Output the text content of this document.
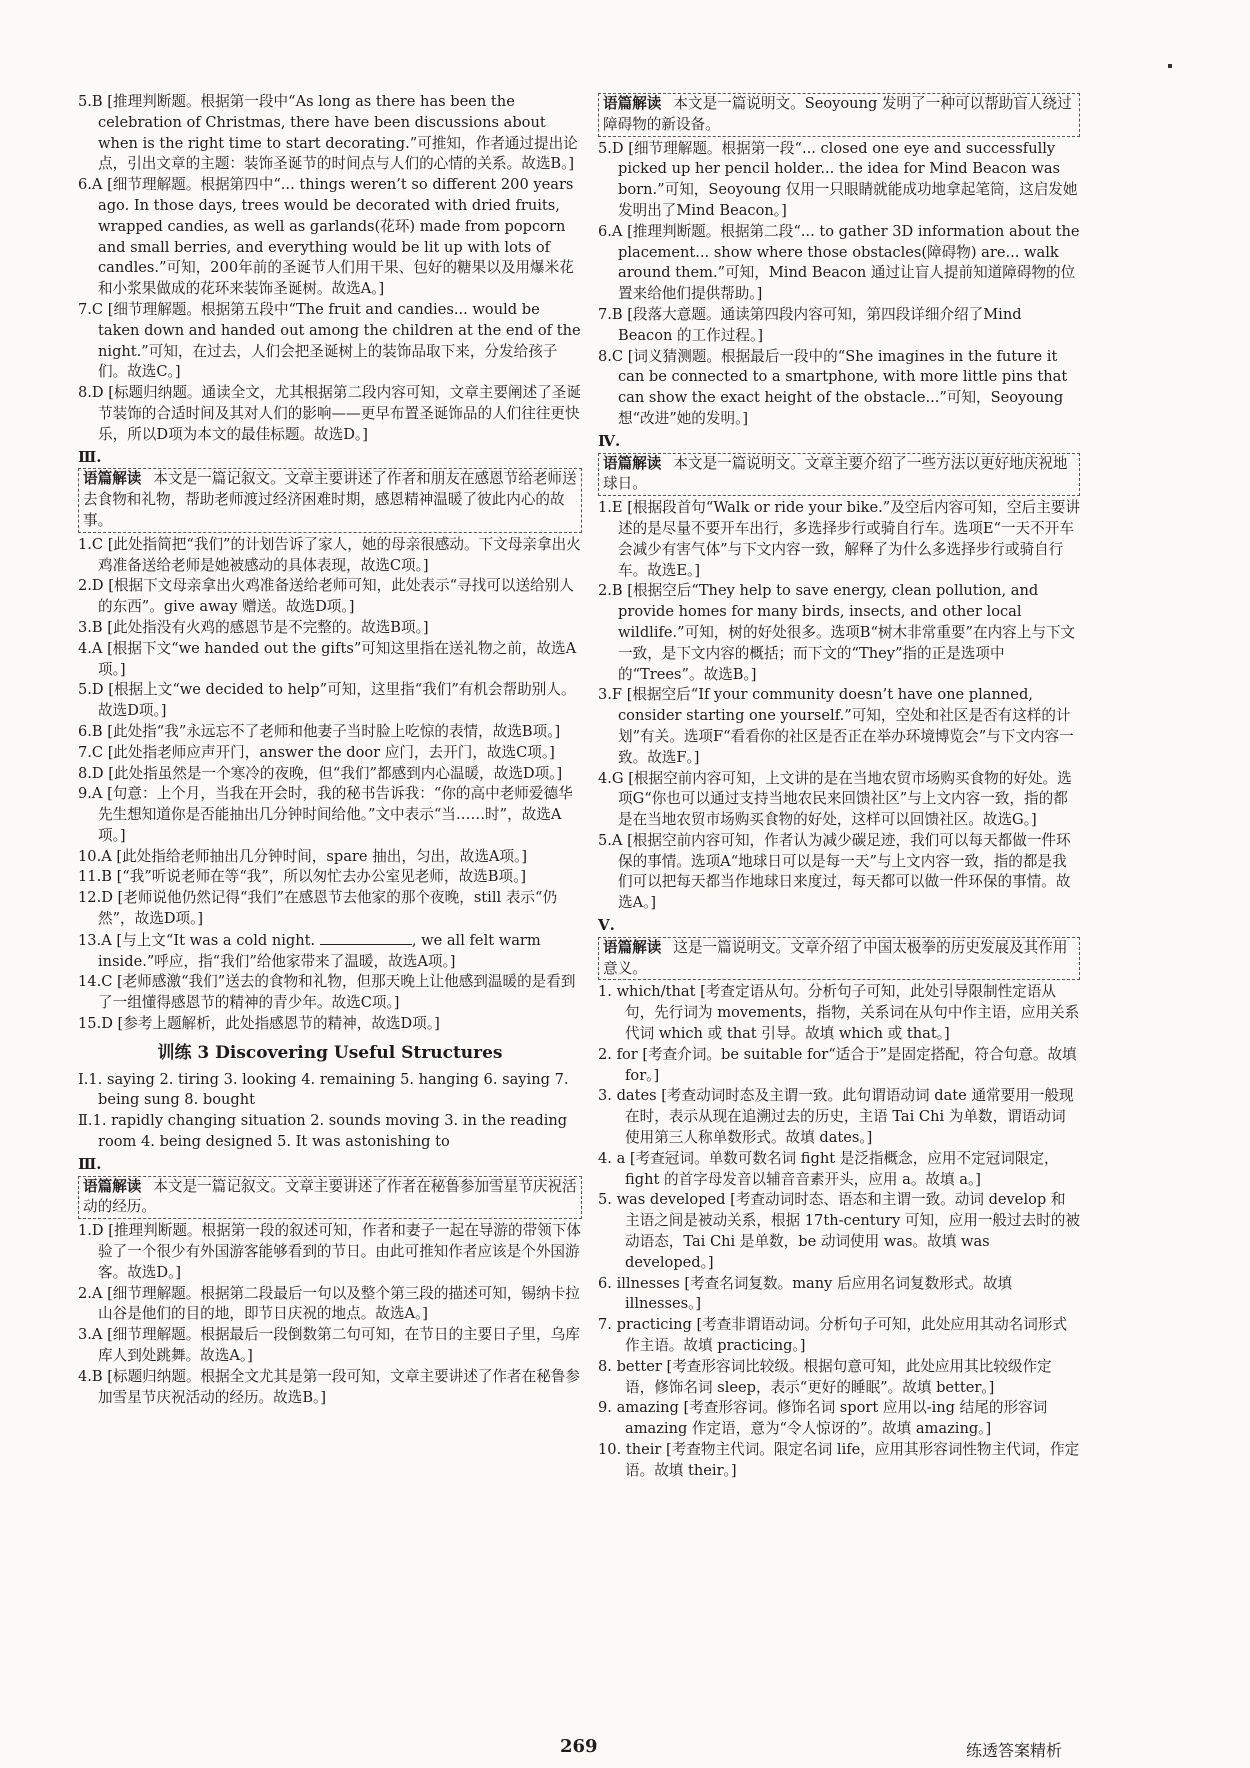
5.B [推理判断题。根据第一段中“As long as there has been the celebration of Christmas, there have been discussions about when is the right time to start decorating.”可推知，作者通过提出论点，引出文章的主题：装饰圣诞节的时间点与人们的心情的关系。故选B。]

6.A [细节理解题。根据第四中“... things weren’t so different 200 years ago. In those days, trees would be decorated with dried fruits, wrapped candies, as well as garlands(花环) made from popcorn and small berries, and everything would be lit up with lots of candles.”可知，200年前的圣诞节人们用干果、包好的糖果以及用爆米花和小浆果做成的花环来装饰圣诞树。故选A。]

7.C [细节理解题。根据第五段中“The fruit and candies... would be taken down and handed out among the children at the end of the night.”可知，在过去，人们会把圣诞树上的装饰品取下来，分发给孩子们。故选C。]

8.D [标题归纳题。通读全文，尤其根据第二段内容可知，文章主要阐述了圣诞节装饰的合适时间及其对人们的影响——更早布置圣诞饰品的人们往往更快乐，所以D项为本文的最佳标题。故选D。]

Ⅲ.
语篇解读 本文是一篇记叙文。文章主要讲述了作者和朋友在感恩节给老师送去食物和礼物，帮助老师渡过经济困难时期，感恩精神温暖了彼此内心的故事。

1.C [此处指简把“我们”的计划告诉了家人，她的母亲很感动。下文母亲拿出火鸡准备送给老师是她被感动的具体表现，故选C项。]

2.D [根据下文母亲拿出火鸡准备送给老师可知，此处表示“寻找可以送给别人的东西”。give away 赠送。故选D项。]

3.B [此处指没有火鸡的感恩节是不完整的。故选B项。]

4.A [根据下文“we handed out the gifts”可知这里指在送礼物之前，故选A项。]

5.D [根据上文“we decided to help”可知，这里指“我们”有机会帮助别人。故选D项。]

6.B [此处指“我”永远忘不了老师和他妻子当时脸上吃惊的表情，故选B项。]

7.C [此处指老师应声开门，answer the door 应门，去开门，故选C项。]

8.D [此处指虽然是一个寒冷的夜晚，但“我们”都感到内心温暖，故选D项。]

9.A [句意：上个月，当我在开会时，我的秘书告诉我：“你的高中老师爱德华先生想知道你是否能抽出几分钟时间给他。”文中表示“当……时”，故选A项。]

10.A [此处指给老师抽出几分钟时间，spare 抽出，匀出，故选A项。]

11.B [“我”听说老师在等“我”，所以匆忙去办公室见老师，故选B项。]

12.D [老师说他仍然记得“我们”在感恩节去他家的那个夜晚，still 表示“仍然”，故选D项。]

13.A [与上文“It was a cold night.	, we all felt warm inside.”呼应，指“我们”给他家带来了温暖，故选A项。]

14.C [老师感激“我们”送去的食物和礼物，但那天晚上让他感到温暖的是看到了一组懂得感恩节的精神的青少年。故选C项。]

15.D [参考上题解析，此处指感恩节的精神，故选D项。]

训练 3 Discovering Useful Structures

Ⅰ.1. saying 2. tiring 3. looking 4. remaining 5. hanging 6. saying 7. being sung 8. bought

Ⅱ.1. rapidly changing situation 2. sounds moving 3. in the reading room 4. being designed 5. It was astonishing to

Ⅲ.
语篇解读 本文是一篇记叙文。文章主要讲述了作者在秘鲁参加雪星节庆祝活动的经历。

1.D [推理判断题。根据第一段的叙述可知，作者和妻子一起在导游的带领下体验了一个很少有外国游客能够看到的节日。由此可推知作者应该是个外国游客。故选D。]

2.A [细节理解题。根据第二段最后一句以及整个第三段的描述可知，锡纳卡拉山谷是他们的目的地，即节日庆祝的地点。故选A。]

3.A [细节理解题。根据最后一段倒数第二句可知，在节日的主要日子里，乌库库人到处跳舞。故选A。]

4.B [标题归纳题。根据全文尤其是第一段可知，文章主要讲述了作者在秘鲁参加雪星节庆祝活动的经历。故选B。]

语篇解读 本文是一篇说明文。Seoyoung 发明了一种可以帮助盲人绕过障碍物的新设备。

5.D [细节理解题。根据第一段“... closed one eye and successfully picked up her pencil holder... the idea for Mind Beacon was born.”可知，Seoyoung 仅用一只眼睛就能成功地拿起笔筒，这启发她发明出了Mind Beacon。]

6.A [推理判断题。根据第二段“... to gather 3D information about the placement... show where those obstacles(障碍物) are... walk around them.”可知，Mind Beacon 通过让盲人提前知道障碍物的位置来给他们提供帮助。]

7.B [段落大意题。通读第四段内容可知，第四段详细介绍了Mind Beacon 的工作过程。]

8.C [词义猜测题。根据最后一段中的“She imagines in the future it can be connected to a smartphone, with more little pins that can show the exact height of the obstacle...”可知，Seoyoung 想“改进”她的发明。]

Ⅳ.
语篇解读 本文是一篇说明文。文章主要介绍了一些方法以更好地庆祝地球日。

1.E [根据段首句“Walk or ride your bike.”及空后内容可知，空后主要讲述的是尽量不要开车出行，多选择步行或骑自行车。选项E“一天不开车会减少有害气体”与下文内容一致，解释了为什么多选择步行或骑自行车。故选E。]

2.B [根据空后“They help to save energy, clean pollution, and provide homes for many birds, insects, and other local wildlife.”可知，树的好处很多。选项B“树木非常重要”在内容上与下文一致，是下文内容的概括；而下文的“They”指的正是选项中的“Trees”。故选B。]

3.F [根据空后“If your community doesn’t have one planned, consider starting one yourself.”可知，空处和社区是否有这样的计划”有关。选项F“看看你的社区是否正在举办环境博览会”与下文内容一致。故选F。]

4.G [根据空前内容可知，上文讲的是在当地农贸市场购买食物的好处。选项G“你也可以通过支持当地农民来回馈社区”与上文内容一致，指的都是在当地农贸市场购买食物的好处，这样可以回馈社区。故选G。]

5.A [根据空前内容可知，作者认为减少碳足迹，我们可以每天都做一件环保的事情。选项A“地球日可以是每一天”与上文内容一致，指的都是我们可以把每天都当作地球日来度过，每天都可以做一件环保的事情。故选A。]

Ⅴ.
语篇解读 这是一篇说明文。文章介绍了中国太极拳的历史发展及其作用意义。

1. which/that [考查定语从句。分析句子可知，此处引导限制性定语从句，先行词为 movements，指物，关系词在从句中作主语，应用关系代词 which 或 that 引导。故填 which 或 that。]

2. for [考查介词。be suitable for“适合于”是固定搭配，符合句意。故填 for。]

3. dates [考查动词时态及主谓一致。此句谓语动词 date 通常要用一般现在时，表示从现在追溯过去的历史，主语 Tai Chi 为单数，谓语动词使用第三人称单数形式。故填 dates。]

4. a [考查冠词。单数可数名词 fight 是泛指概念，应用不定冠词限定，fight 的首字母发音以辅音音素开头，应用 a。故填 a。]

5. was developed [考查动词时态、语态和主谓一致。动词 develop 和主语之间是被动关系，根据 17th-century 可知，应用一般过去时的被动语态，Tai Chi 是单数，be 动词使用 was。故填 was developed。]

6. illnesses [考查名词复数。many 后应用名词复数形式。故填 illnesses。]

7. practicing [考查非谓语动词。分析句子可知，此处应用其动名词形式作主语。故填 practicing。]

8. better [考查形容词比较级。根据句意可知，此处应用其比较级作定语，修饰名词 sleep，表示“更好的睡眠”。故填 better。]

9. amazing [考查形容词。修饰名词 sport 应用以-ing 结尾的形容词 amazing 作定语，意为“令人惊讶的”。故填 amazing。]

10. their [考查物主代词。限定名词 life，应用其形容词性物主代词，作定语。故填 their。]

269	练透答案精析
